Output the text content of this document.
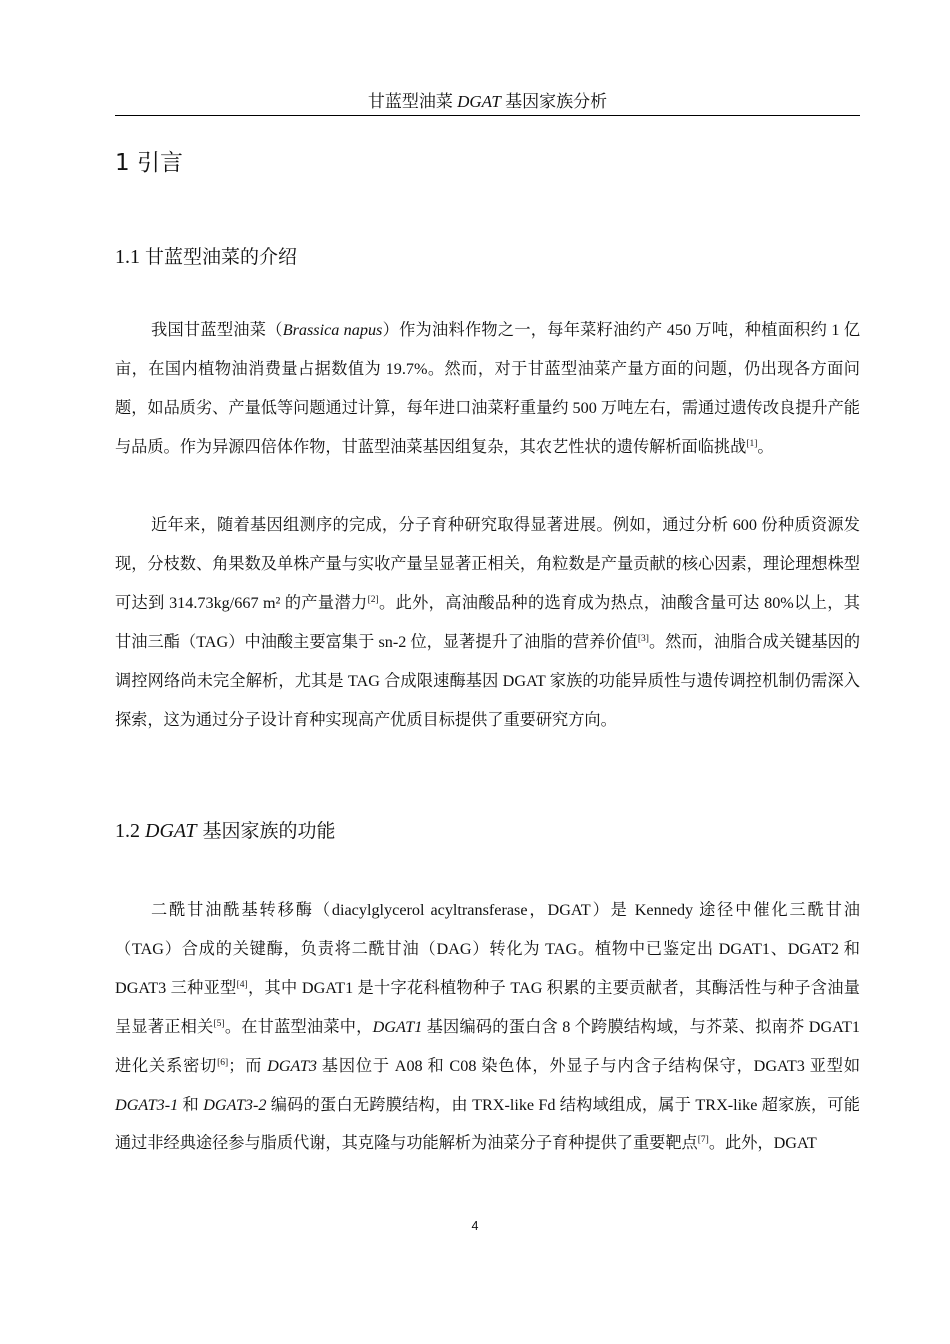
甘蓝型油菜 DGAT 基因家族分析
1 引言
1.1 甘蓝型油菜的介绍

我国甘蓝型油菜（Brassica napus）作为油料作物之一，每年菜籽油约产 450 万吨，种植面积约 1 亿亩，在国内植物油消费量占据数值为 19.7%。然而，对于甘蓝型油菜产量方面的问题，仍出现各方面问题，如品质劣、产量低等问题通过计算，每年进口油菜籽重量约 500 万吨左右，需通过遗传改良提升产能与品质。作为异源四倍体作物，甘蓝型油菜基因组复杂，其农艺性状的遗传解析面临挑战[1]。

近年来，随着基因组测序的完成，分子育种研究取得显著进展。例如，通过分析 600 份种质资源发现，分枝数、角果数及单株产量与实收产量呈显著正相关，角粒数是产量贡献的核心因素，理论理想株型可达到 314.73kg/667 m² 的产量潜力[2]。此外，高油酸品种的选育成为热点，油酸含量可达 80%以上，其甘油三酯（TAG）中油酸主要富集于 sn-2 位，显著提升了油脂的营养价值[3]。然而，油脂合成关键基因的调控网络尚未完全解析，尤其是 TAG 合成限速酶基因 DGAT 家族的功能异质性与遗传调控机制仍需深入探索，这为通过分子设计育种实现高产优质目标提供了重要研究方向。

1.2 DGAT 基因家族的功能

二酰甘油酰基转移酶（diacylglycerol acyltransferase，DGAT）是 Kennedy 途径中催化三酰甘油（TAG）合成的关键酶，负责将二酰甘油（DAG）转化为 TAG。植物中已鉴定出 DGAT1、DGAT2 和 DGAT3 三种亚型[4]，其中 DGAT1 是十字花科植物种子 TAG 积累的主要贡献者，其酶活性与种子含油量呈显著正相关[5]。在甘蓝型油菜中，DGAT1 基因编码的蛋白含 8 个跨膜结构域，与芥菜、拟南芥 DGAT1 进化关系密切[6]；而 DGAT3 基因位于 A08 和 C08 染色体，外显子与内含子结构保守，DGAT3 亚型如 DGAT3-1 和 DGAT3-2 编码的蛋白无跨膜结构，由 TRX-like Fd 结构域组成，属于 TRX-like 超家族，可能通过非经典途径参与脂质代谢，其克隆与功能解析为油菜分子育种提供了重要靶点[7]。此外，DGAT

4
